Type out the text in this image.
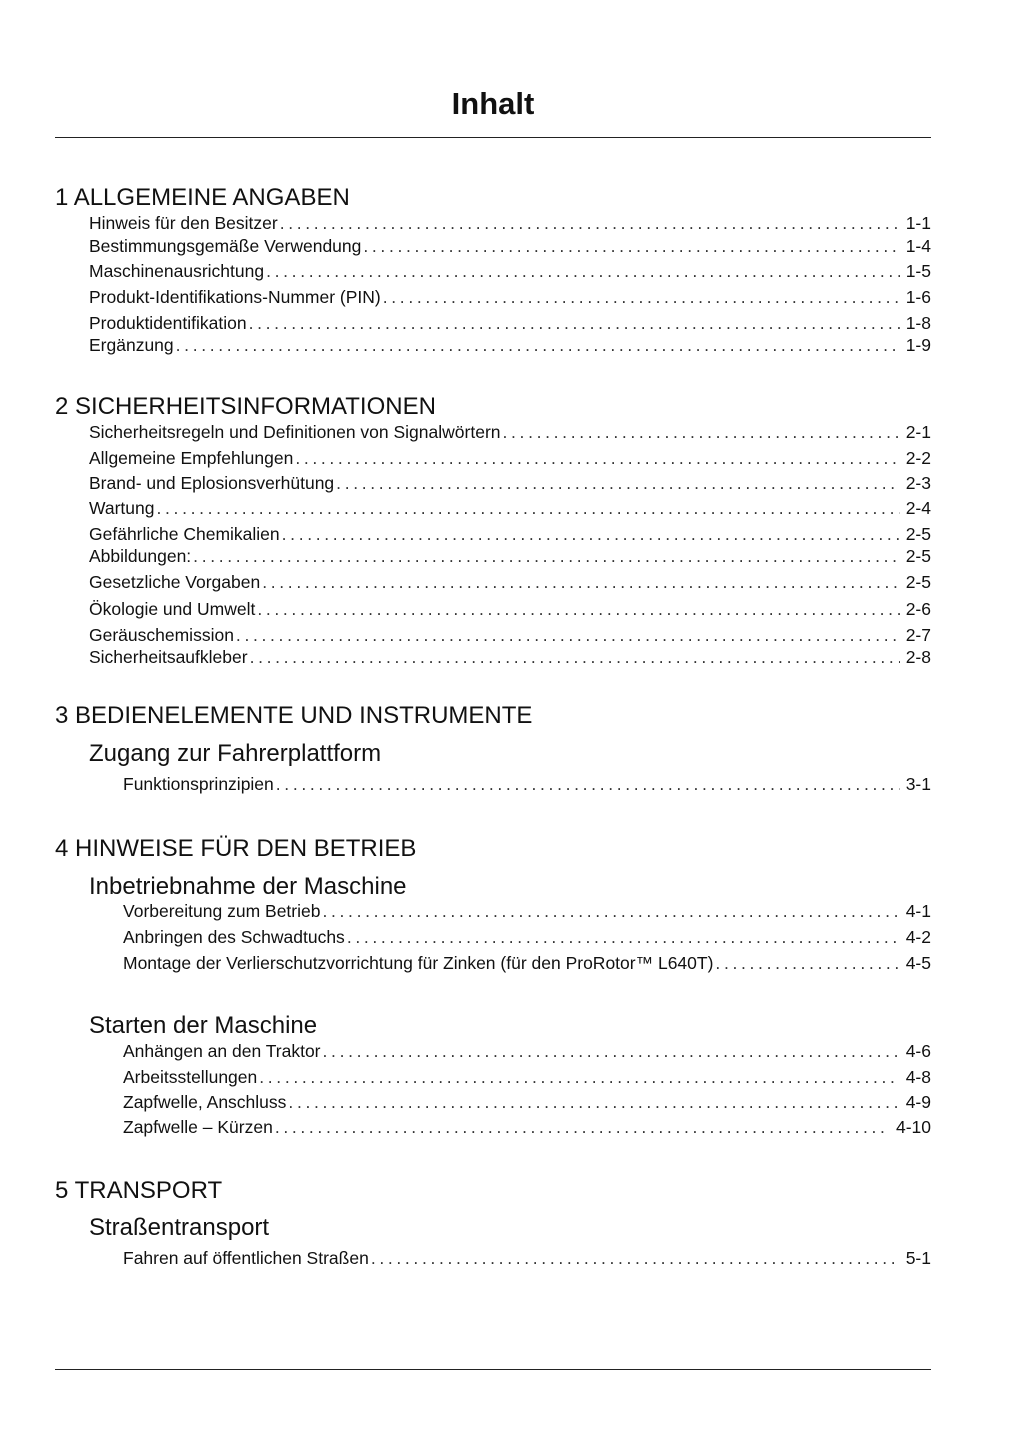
Inhalt
1 ALLGEMEINE ANGABEN
Hinweis für den Besitzer . . .	1-1
Bestimmungsgemäße Verwendung . . .	1-4
Maschinenausrichtung . . .	1-5
Produkt-Identifikations-Nummer (PIN) . . .	1-6
Produktidentifikation . . .	1-8
Ergänzung . . .	1-9
2 SICHERHEITSINFORMATIONEN
Sicherheitsregeln und Definitionen von Signalwörtern . . .	2-1
Allgemeine Empfehlungen . . .	2-2
Brand- und Eplosionsverhütung . . .	2-3
Wartung . . .	2-4
Gefährliche Chemikalien . . .	2-5
Abbildungen: . . .	2-5
Gesetzliche Vorgaben . . .	2-5
Ökologie und Umwelt . . .	2-6
Geräuschemission . . .	2-7
Sicherheitsaufkleber . . .	2-8
3 BEDIENELEMENTE UND INSTRUMENTE
Zugang zur Fahrerplattform
Funktionsprinzipien . . .	3-1
4 HINWEISE FÜR DEN BETRIEB
Inbetriebnahme der Maschine
Vorbereitung zum Betrieb . . .	4-1
Anbringen des Schwadtuchs . . .	4-2
Montage der Verlierschutzvorrichtung für Zinken (für den ProRotor™ L640T) . . .	4-5
Starten der Maschine
Anhängen an den Traktor . . .	4-6
Arbeitsstellungen . . .	4-8
Zapfwelle, Anschluss . . .	4-9
Zapfwelle – Kürzen . . .	4-10
5 TRANSPORT
Straßentransport
Fahren auf öffentlichen Straßen . . .	5-1
